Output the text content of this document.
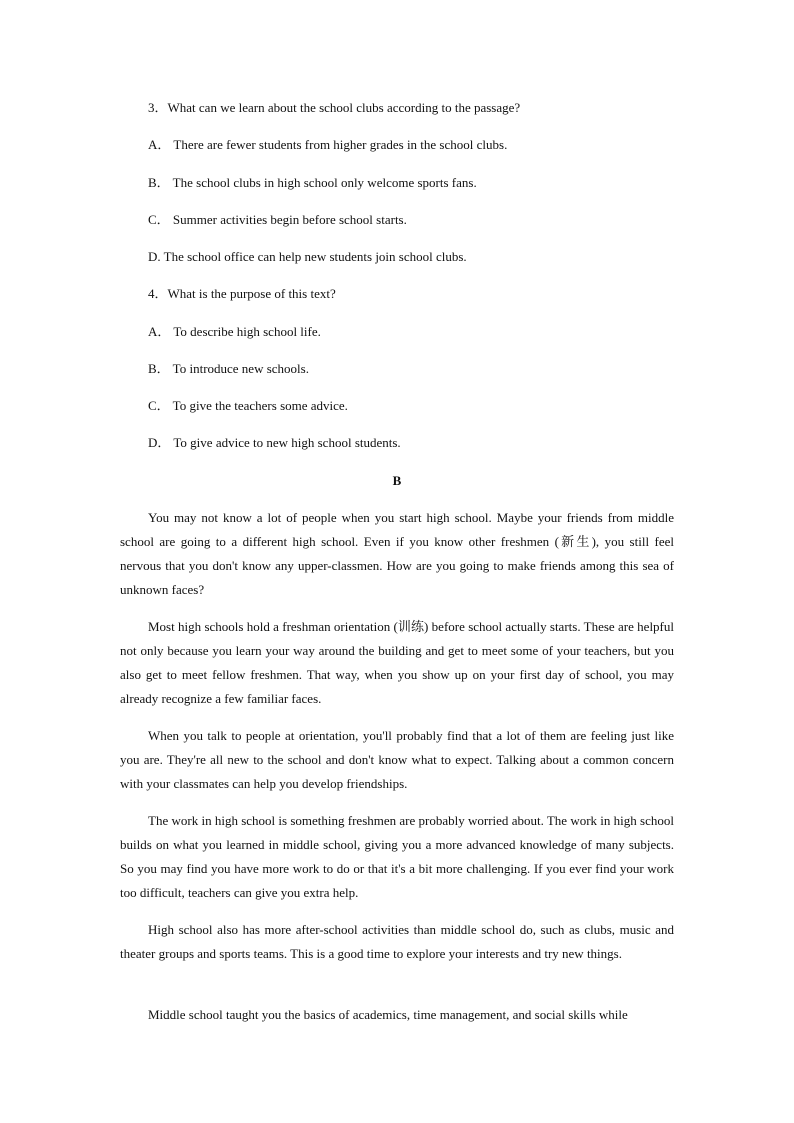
3．What can we learn about the school clubs according to the passage?
A． There are fewer students from higher grades in the school clubs.
B． The school clubs in high school only welcome sports fans.
C． Summer activities begin before school starts.
D. The school office can help new students join school clubs.
4．What is the purpose of this text?
A． To describe high school life.
B． To introduce new schools.
C． To give the teachers some advice.
D． To give advice to new high school students.
B

You may not know a lot of people when you start high school. Maybe your friends from middle school are going to a different high school. Even if you know other freshmen (新生), you still feel nervous that you don't know any upper-classmen. How are you going to make friends among this sea of unknown faces?

Most high schools hold a freshman orientation (训练) before school actually starts. These are helpful not only because you learn your way around the building and get to meet some of your teachers, but you also get to meet fellow freshmen. That way, when you show up on your first day of school, you may already recognize a few familiar faces.

When you talk to people at orientation, you'll probably find that a lot of them are feeling just like you are. They're all new to the school and don't know what to expect. Talking about a common concern with your classmates can help you develop friendships.

The work in high school is something freshmen are probably worried about. The work in high school builds on what you learned in middle school, giving you a more advanced knowledge of many subjects. So you may find you have more work to do or that it's a bit more challenging. If you ever find your work too difficult, teachers can give you extra help.

High school also has more after-school activities than middle school do, such as clubs, music and theater groups and sports teams. This is a good time to explore your interests and try new things.

Middle school taught you the basics of academics, time management, and social skills while
